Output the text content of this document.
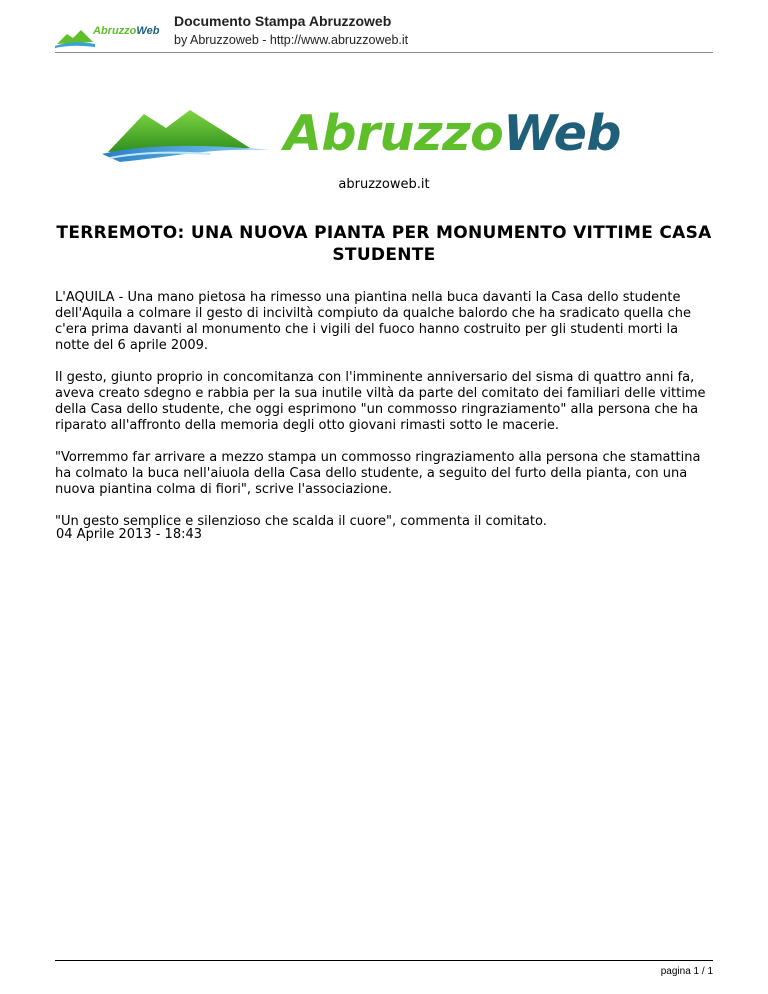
AbruzzoWeb
Documento Stampa Abruzzoweb
by Abruzzoweb - http://www.abruzzoweb.it
AbruzzoWeb
abruzzoweb.it
TERREMOTO: UNA NUOVA PIANTA PER MONUMENTO VITTIME CASA STUDENTE

L'AQUILA - Una mano pietosa ha rimesso una piantina nella buca davanti la Casa dello studente dell'Aquila a colmare il gesto di inciviltà compiuto da qualche balordo che ha sradicato quella che c'era prima davanti al monumento che i vigili del fuoco hanno costruito per gli studenti morti la notte del 6 aprile 2009.

Il gesto, giunto proprio in concomitanza con l'imminente anniversario del sisma di quattro anni fa, aveva creato sdegno e rabbia per la sua inutile viltà da parte del comitato dei familiari delle vittime della Casa dello studente, che oggi esprimono "un commosso ringraziamento" alla persona che ha riparato all'affronto della memoria degli otto giovani rimasti sotto le macerie.

"Vorremmo far arrivare a mezzo stampa un commosso ringraziamento alla persona che stamattina ha colmato la buca nell'aiuola della Casa dello studente, a seguito del furto della pianta, con una nuova piantina colma di fiori", scrive l'associazione.

"Un gesto semplice e silenzioso che scalda il cuore", commenta il comitato.

04 Aprile 2013 - 18:43
pagina 1 / 1
